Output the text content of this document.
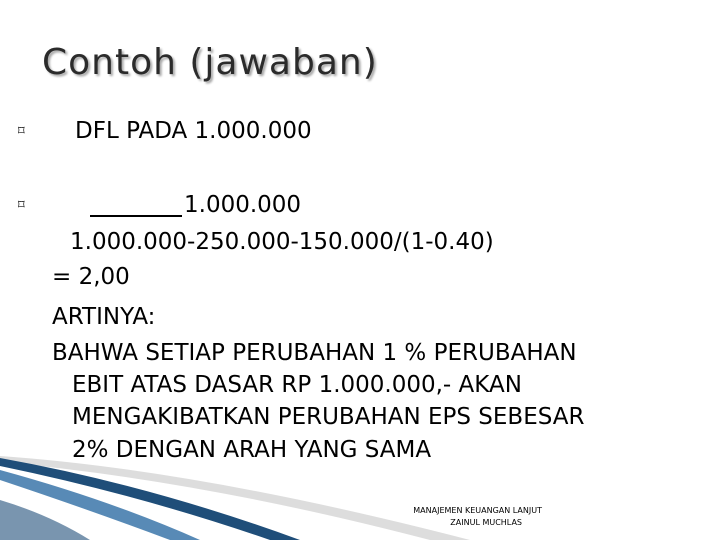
Contoh (jawaban)
⌑ DFL PADA 1.000.000
⌑	1.000.000
1.000.000-250.000-150.000/(1-0.40)
= 2,00
ARTINYA:
BAHWA SETIAP PERUBAHAN 1 % PERUBAHAN
EBIT ATAS DASAR RP 1.000.000,- AKAN
MENGAKIBATKAN PERUBAHAN EPS SEBESAR
2% DENGAN ARAH YANG SAMA
MANAJEMEN KEUANGAN LANJUT
ZAINUL MUCHLAS
